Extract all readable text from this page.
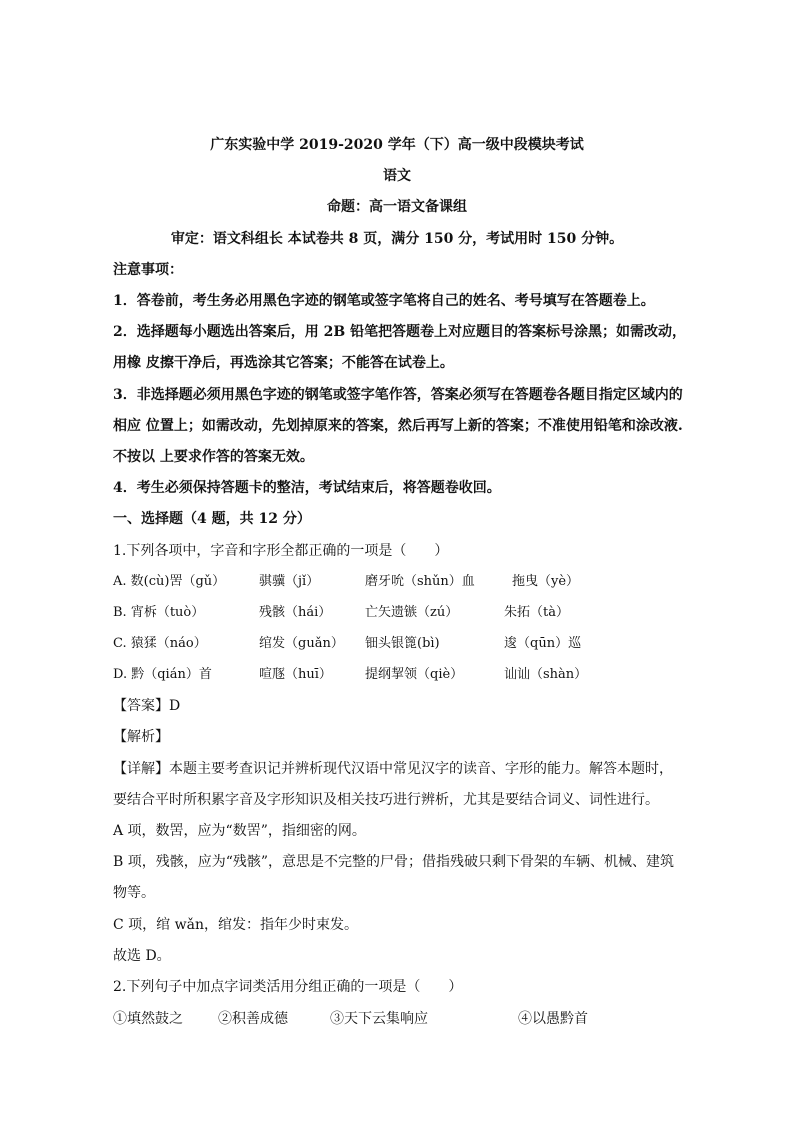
广东实验中学 2019-2020 学年（下）高一级中段模块考试
语文
命题：高一语文备课组
审定：语文科组长 本试卷共 8 页，满分 150 分，考试用时 150 分钟。
注意事项：
1．答卷前，考生务必用黑色字迹的钢笔或签字笔将自己的姓名、考号填写在答题卷上。
2．选择题每小题选出答案后，用 2B 铅笔把答题卷上对应题目的答案标号涂黑；如需改动，
用橡 皮擦干净后，再选涂其它答案；不能答在试卷上。
3．非选择题必须用黑色字迹的钢笔或签字笔作答，答案必须写在答题卷各题目指定区域内的
相应 位置上；如需改动，先划掉原来的答案，然后再写上新的答案；不准使用铅笔和涂改液.
不按以 上要求作答的答案无效。
4．考生必须保持答题卡的整洁，考试结束后，将答题卷收回。
一、选择题（4 题，共 12 分）
1.下列各项中，字音和字形全都正确的一项是（　　）
A. 数(cù)罟（gǔ）	骐骥（jǐ）	磨牙吮（shǔn）血	拖曳（yè）
B. 宵柝（tuò）	残骸（hái）	亡矢遗镞（zú）	朱拓（tà）
C. 猿猱（náo）	绾发（guǎn） 钿头银篦(bì)	逡（qūn）巡
D. 黔（qián）首	喧豗（huī）	提纲挈领（qiè）	讪讪（shàn）
【答案】D
【解析】
【详解】本题主要考查识记并辨析现代汉语中常见汉字的读音、字形的能力。解答本题时，
要结合平时所积累字音及字形知识及相关技巧进行辨析，尤其是要结合词义、词性进行。
A 项，数罟，应为“数罟”，指细密的网。
B 项，残骸，应为“残骸”，意思是不完整的尸骨；借指残破只剩下骨架的车辆、机械、建筑
物等。
C 项，绾 wǎn，绾发：指年少时束发。
故选 D。
2.下列句子中加点字词类活用分组正确的一项是（　　）
①填然鼓之	②积善成德	③天下云集响应	④以愚黔首
